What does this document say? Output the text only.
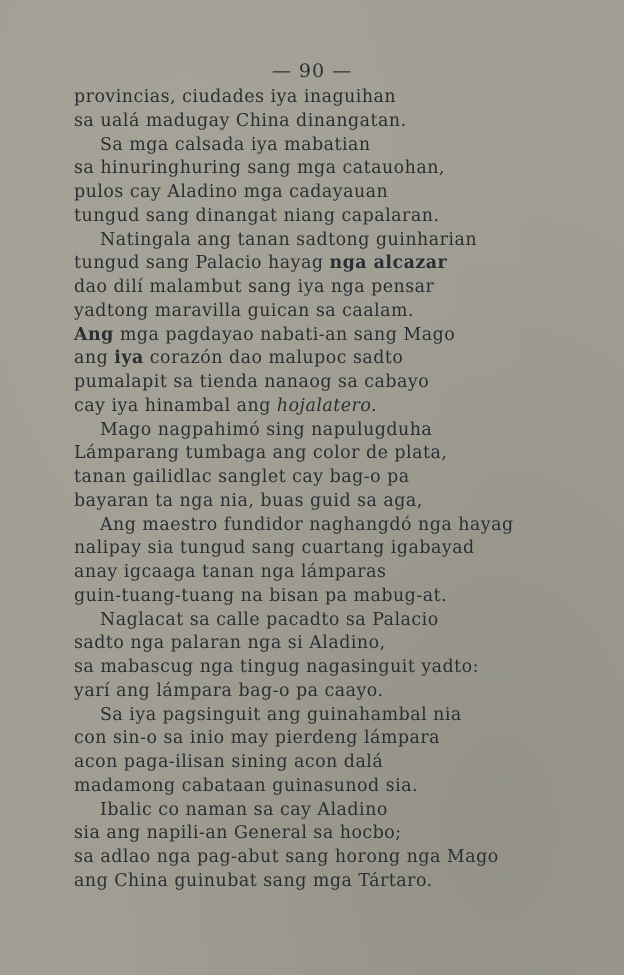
— 90 —
provincias, ciudades iya inaguihan
sa ualá madugay China dinangatan.
Sa mga calsada iya mabatian
sa hinuringhuring sang mga catauohan,
pulos cay Aladino mga cadayauan
tungud sang dinangat niang capalaran.
Natingala ang tanan sadtong guinharian
tungud sang Palacio hayag nga alcazar
dao dilí malambut sang iya nga pensar
yadtong maravilla guican sa caalam.
Ang mga pagdayao nabati-an sang Mago
ang iya corazón dao malupoc sadto
pumalapit sa tienda nanaog sa cabayo
cay iya hinambal ang hojalatero.
Mago nagpahimó sing napulugduha
Lámparang tumbaga ang color de plata,
tanan gailidlac sanglet cay bag-o pa
bayaran ta nga nia, buas guid sa aga,
Ang maestro fundidor naghangdó nga hayag
nalipay sia tungud sang cuartang igabayad
anay igcaaga tanan nga lámparas
guin-tuang-tuang na bisan pa mabug-at.
Naglacat sa calle pacadto sa Palacio
sadto nga palaran nga si Aladino,
sa mabascug nga tingug nagasinguit yadto:
yarí ang lámpara bag-o pa caayo.
Sa iya pagsinguit ang guinahambal nia
con sin-o sa inio may pierdeng lámpara
acon paga-ilisan sining acon dalá
madamong cabataan guinasunod sia.
Ibalic co naman sa cay Aladino
sia ang napili-an General sa hocbo;
sa adlao nga pag-abut sang horong nga Mago
ang China guinubat sang mga Tártaro.
